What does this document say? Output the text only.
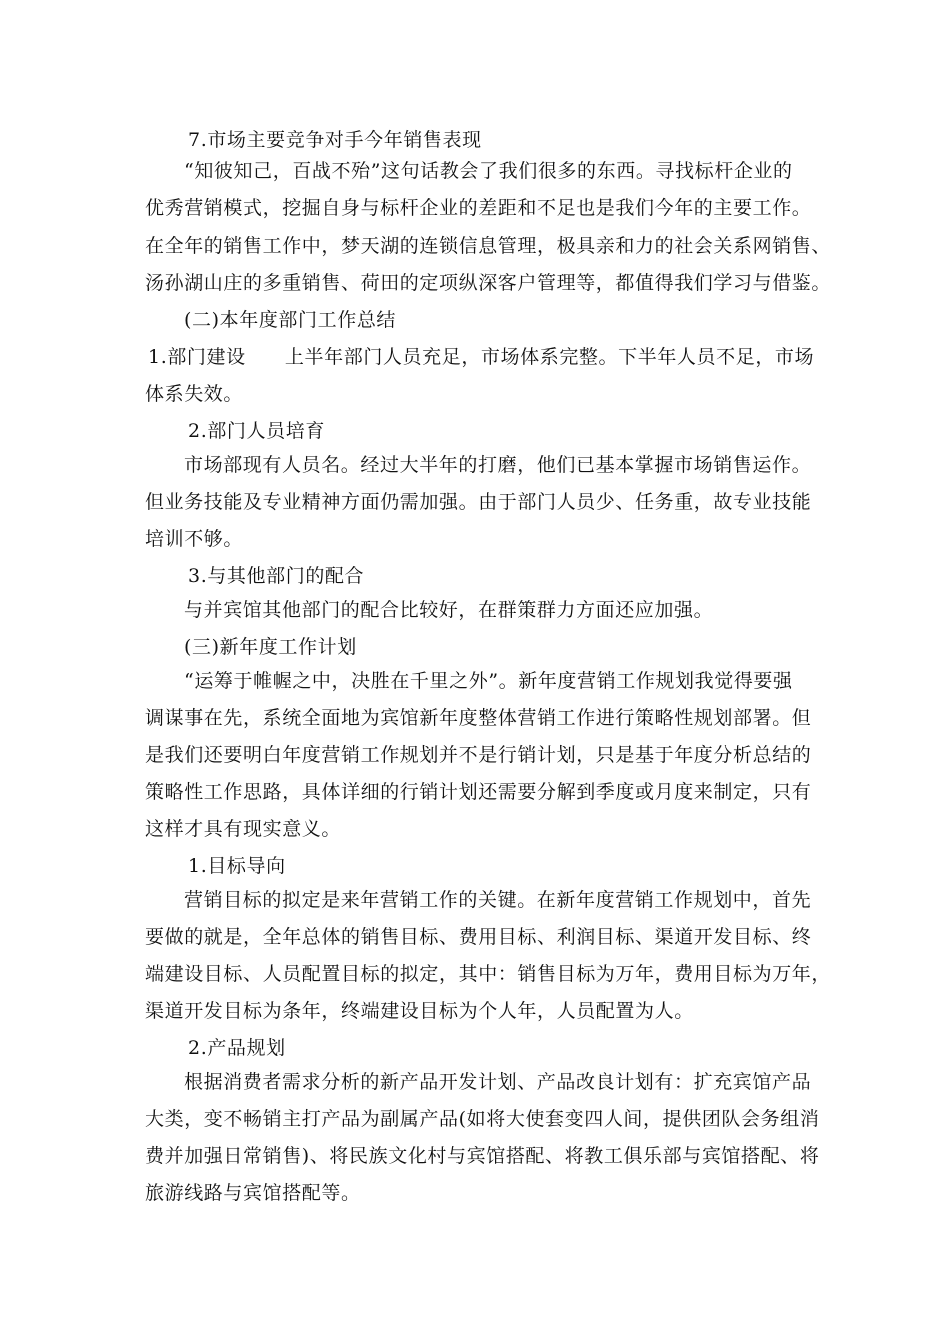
7.市场主要竞争对手今年销售表现
“知彼知己，百战不殆”这句话教会了我们很多的东西。寻找标杆企业的
优秀营销模式，挖掘自身与标杆企业的差距和不足也是我们今年的主要工作。
在全年的销售工作中，梦天湖的连锁信息管理，极具亲和力的社会关系网销售、
汤孙湖山庄的多重销售、荷田的定项纵深客户管理等，都值得我们学习与借鉴。
(二)本年度部门工作总结
1.部门建设　　上半年部门人员充足，市场体系完整。下半年人员不足，市场
体系失效。
2.部门人员培育
市场部现有人员名。经过大半年的打磨，他们已基本掌握市场销售运作。
但业务技能及专业精神方面仍需加强。由于部门人员少、任务重，故专业技能
培训不够。
3.与其他部门的配合
与并宾馆其他部门的配合比较好，在群策群力方面还应加强。
(三)新年度工作计划
“运筹于帷幄之中，决胜在千里之外”。新年度营销工作规划我觉得要强
调谋事在先，系统全面地为宾馆新年度整体营销工作进行策略性规划部署。但
是我们还要明白年度营销工作规划并不是行销计划，只是基于年度分析总结的
策略性工作思路，具体详细的行销计划还需要分解到季度或月度来制定，只有
这样才具有现实意义。
1.目标导向
营销目标的拟定是来年营销工作的关键。在新年度营销工作规划中，首先
要做的就是，全年总体的销售目标、费用目标、利润目标、渠道开发目标、终
端建设目标、人员配置目标的拟定，其中：销售目标为万年，费用目标为万年，
渠道开发目标为条年，终端建设目标为个人年，人员配置为人。
2.产品规划
根据消费者需求分析的新产品开发计划、产品改良计划有：扩充宾馆产品
大类，变不畅销主打产品为副属产品(如将大使套变四人间，提供团队会务组消
费并加强日常销售)、将民族文化村与宾馆搭配、将教工俱乐部与宾馆搭配、将
旅游线路与宾馆搭配等。
